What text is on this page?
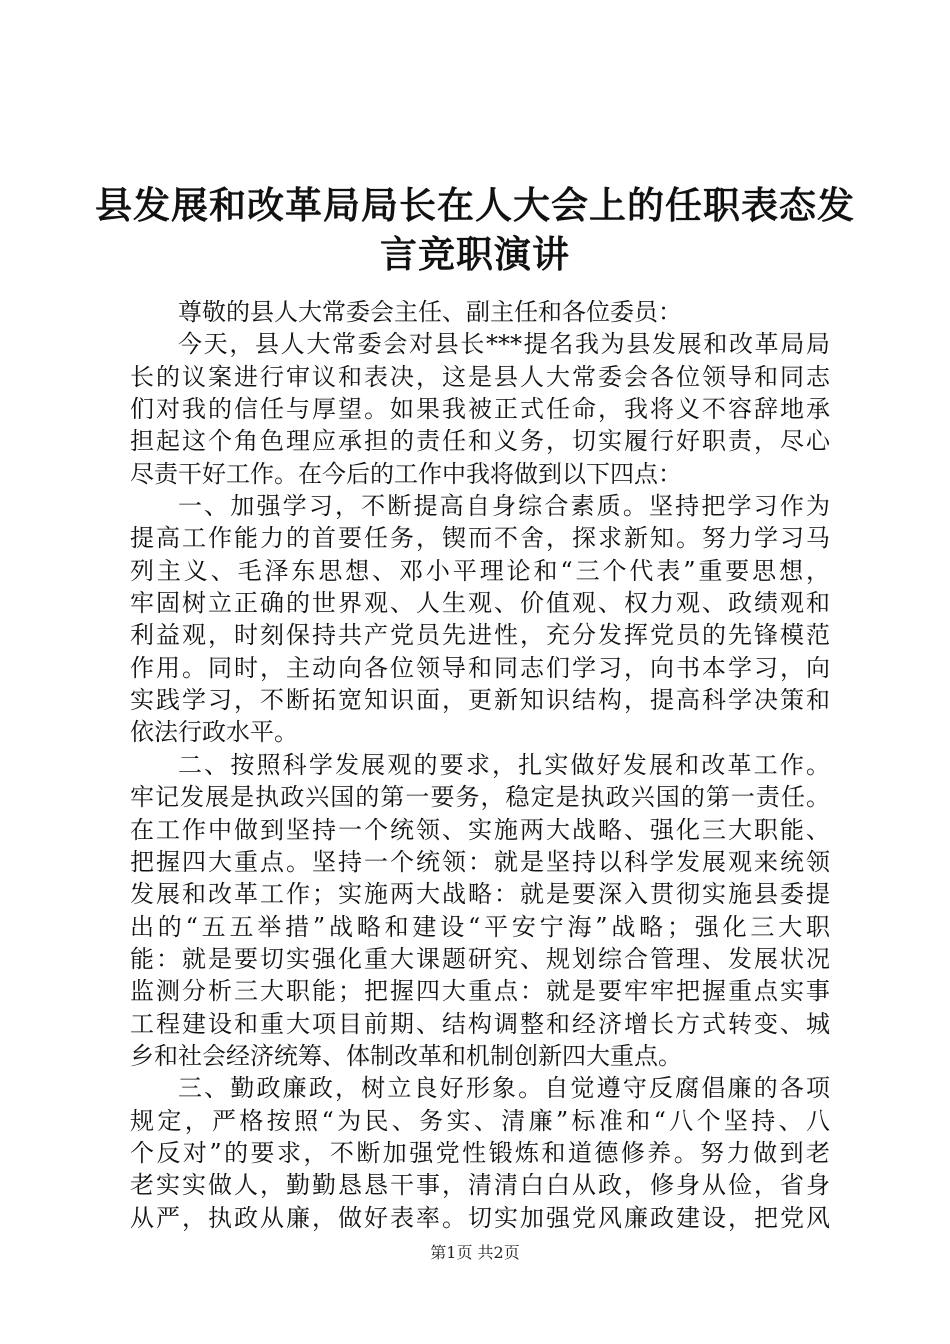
县发展和改革局局长在人大会上的任职表态发
言竞职演讲

尊敬的县人大常委会主任、副主任和各位委员：

今天，县人大常委会对县长***提名我为县发展和改革局局
长的议案进行审议和表决，这是县人大常委会各位领导和同志
们对我的信任与厚望。如果我被正式任命，我将义不容辞地承
担起这个角色理应承担的责任和义务，切实履行好职责，尽心
尽责干好工作。在今后的工作中我将做到以下四点：

一、加强学习，不断提高自身综合素质。坚持把学习作为
提高工作能力的首要任务，锲而不舍，探求新知。努力学习马
列主义、毛泽东思想、邓小平理论和“三个代表”重要思想，
牢固树立正确的世界观、人生观、价值观、权力观、政绩观和
利益观，时刻保持共产党员先进性，充分发挥党员的先锋模范
作用。同时，主动向各位领导和同志们学习，向书本学习，向
实践学习，不断拓宽知识面，更新知识结构，提高科学决策和
依法行政水平。

二、按照科学发展观的要求，扎实做好发展和改革工作。
牢记发展是执政兴国的第一要务，稳定是执政兴国的第一责任。
在工作中做到坚持一个统领、实施两大战略、强化三大职能、
把握四大重点。坚持一个统领：就是坚持以科学发展观来统领
发展和改革工作；实施两大战略：就是要深入贯彻实施县委提
出的“五五举措”战略和建设“平安宁海”战略；强化三大职
能：就是要切实强化重大课题研究、规划综合管理、发展状况
监测分析三大职能；把握四大重点：就是要牢牢把握重点实事
工程建设和重大项目前期、结构调整和经济增长方式转变、城
乡和社会经济统筹、体制改革和机制创新四大重点。

三、勤政廉政，树立良好形象。自觉遵守反腐倡廉的各项
规定，严格按照“为民、务实、清廉”标准和“八个坚持、八
个反对”的要求，不断加强党性锻炼和道德修养。努力做到老
老实实做人，勤勤恳恳干事，清清白白从政，修身从俭，省身
从严，执政从廉，做好表率。切实加强党风廉政建设，把党风

第1页 共2页
